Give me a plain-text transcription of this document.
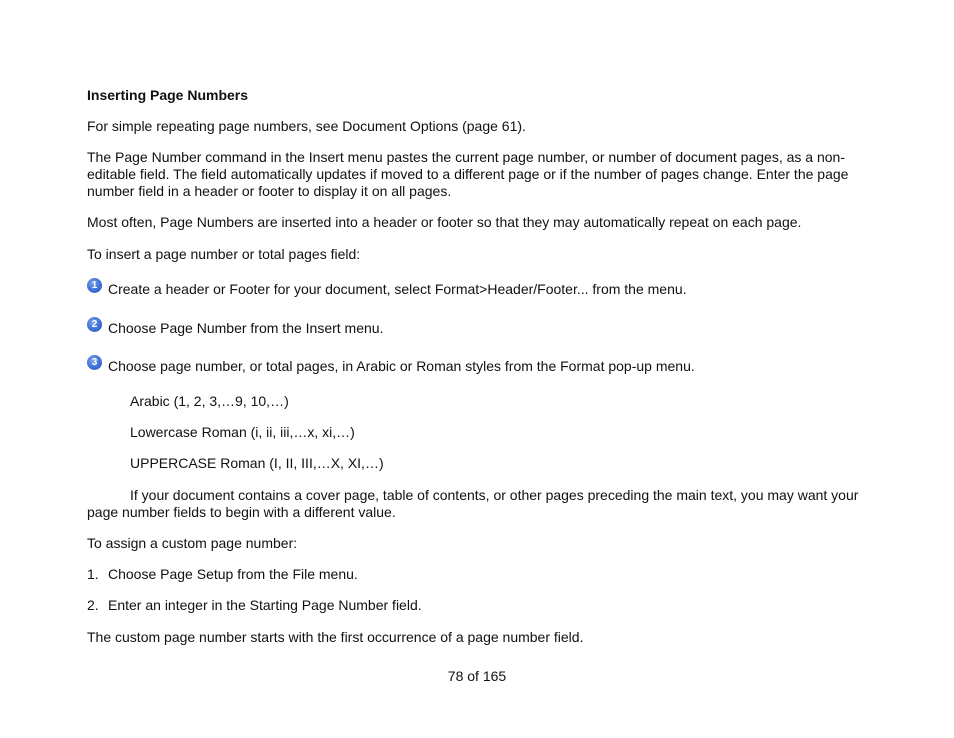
Inserting Page Numbers

For simple repeating page numbers, see Document Options (page 61).

The Page Number command in the Insert menu pastes the current page number, or number of document pages, as a non-editable field. The field automatically updates if moved to a different page or if the number of pages change. Enter the page number field in a header or footer to display it on all pages.

Most often, Page Numbers are inserted into a header or footer so that they may automatically repeat on each page.

To insert a page number or total pages field:

1 Create a header or Footer for your document, select Format>Header/Footer... from the menu.
2 Choose Page Number from the Insert menu.
3 Choose page number, or total pages, in Arabic or Roman styles from the Format pop-up menu.

Arabic (1, 2, 3,…9, 10,…)

Lowercase Roman (i, ii, iii,…x, xi,…)

UPPERCASE Roman (I, II, III,…X, XI,…)

If your document contains a cover page, table of contents, or other pages preceding the main text, you may want your page number fields to begin with a different value.

To assign a custom page number:

1. Choose Page Setup from the File menu.
2. Enter an integer in the Starting Page Number field.

The custom page number starts with the first occurrence of a page number field.

78 of 165
